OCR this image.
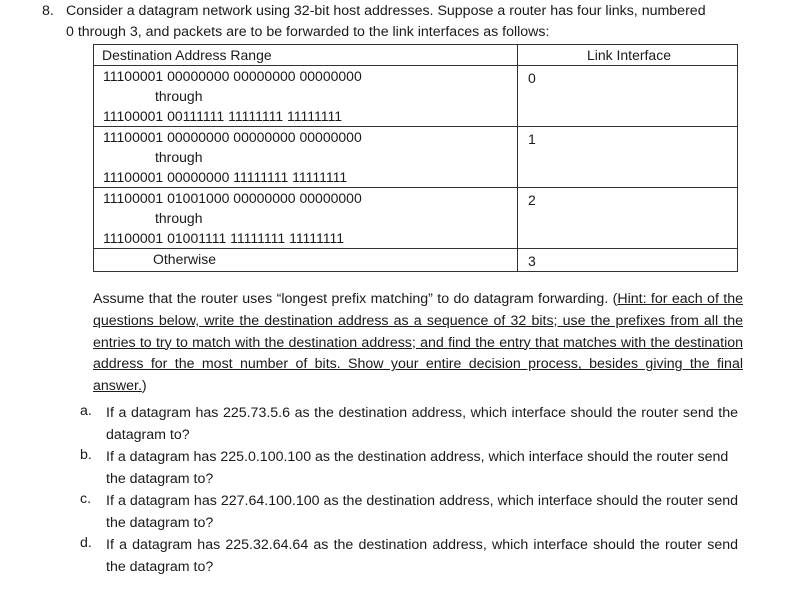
8. Consider a datagram network using 32-bit host addresses. Suppose a router has four links, numbered
0 through 3, and packets are to be forwarded to the link interfaces as follows:
Destination Address Range	Link Interface

11100001 00000000 00000000 00000000
through
11100001 00111111 11111111 11111111	0

11100001 00000000 00000000 00000000
through
11100001 00000000 11111111 11111111	1

11100001 01001000 00000000 00000000
through
11100001 01001111 11111111 11111111	2

Otherwise	3
Assume that the router uses “longest prefix matching” to do datagram forwarding. (Hint: for each of the questions below, write the destination address as a sequence of 32 bits; use the prefixes from all the entries to try to match with the destination address; and find the entry that matches with the destination address for the most number of bits. Show your entire decision process, besides giving the final answer.)
a. If a datagram has 225.73.5.6 as the destination address, which interface should the router send the datagram to?
b. If a datagram has 225.0.100.100 as the destination address, which interface should the router send the datagram to?
c. If a datagram has 227.64.100.100 as the destination address, which interface should the router send the datagram to?
d. If a datagram has 225.32.64.64 as the destination address, which interface should the router send the datagram to?
